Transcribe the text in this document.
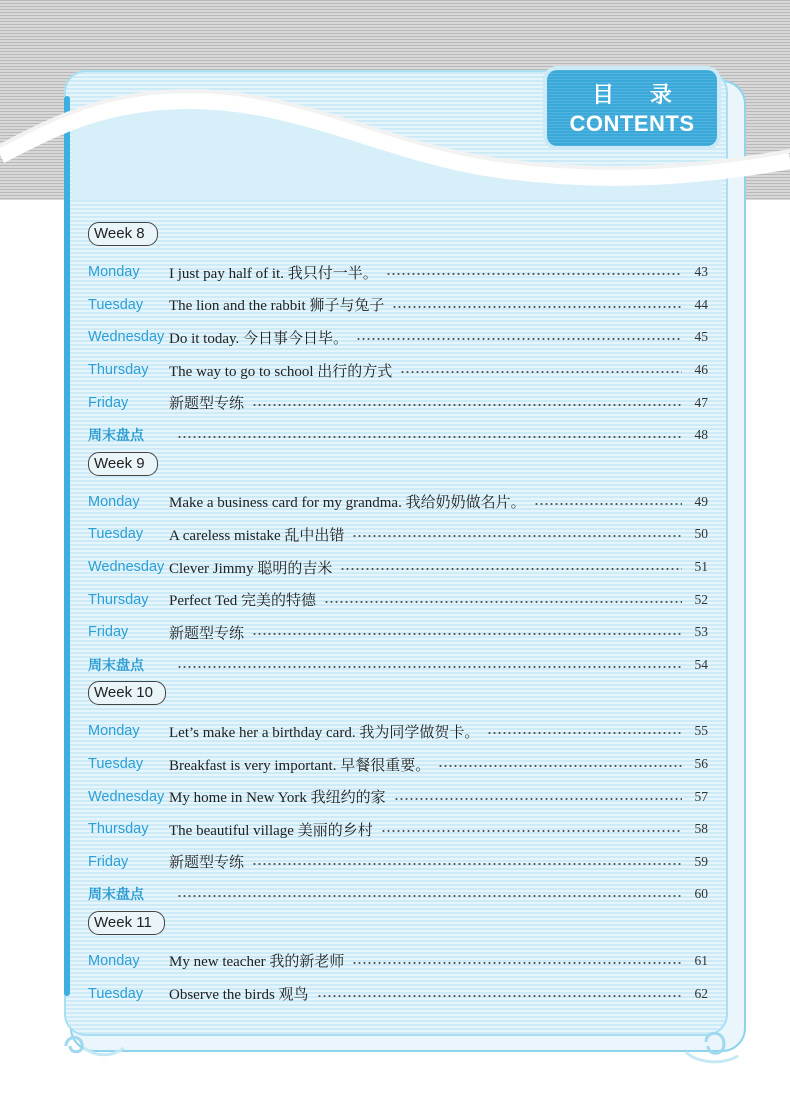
目 录
CONTENTS
Week 8
Monday	I just pay half of it. 我只付一半。	43
Tuesday	The lion and the rabbit 狮子与兔子	44
Wednesday Do it today. 今日事今日毕。	45
Thursday	The way to go to school 出行的方式	46
Friday	新题型专练	47
周末盘点	48
Week 9
Monday	Make a business card for my grandma. 我给奶奶做名片。	49
Tuesday	A careless mistake 乱中出错	50
Wednesday Clever Jimmy 聪明的吉米	51
Thursday	Perfect Ted 完美的特德	52
Friday	新题型专练	53
周末盘点	54
Week 10
Monday	Let’s make her a birthday card. 我为同学做贺卡。	55
Tuesday	Breakfast is very important. 早餐很重要。	56
Wednesday My home in New York 我纽约的家	57
Thursday	The beautiful village 美丽的乡村	58
Friday	新题型专练	59
周末盘点	60
Week 11
Monday	My new teacher 我的新老师	61
Tuesday	Observe the birds 观鸟	62
